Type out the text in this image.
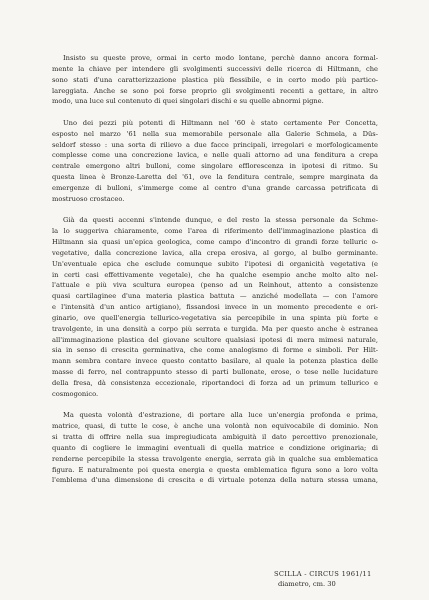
Insisto su queste prove, ormai in certo modo lontane, perchè danno ancora formal-
mente la chiave per intendere gli svolgimenti successivi delle ricerca di Hiltmann, che
sono stati d'una caratterizzazione plastica più flessibile, e in certo modo più partico-
lareggiata. Anche se sono poi forse proprio gli svolgimenti recenti a gettare, in altro
modo, una luce sul contenuto di quei singolari dischi e su quelle abnormi pigne.
Uno dei pezzi più potenti di Hiltmann nel '60 è stato certamente Per Concetta,
esposto nel marzo '61 nella sua memorabile personale alla Galerie Schmela, a Düs-
seldorf stesso : una sorta di rilievo a due facce principali, irregolari e morfologicamente
complesse come una concrezione lavica, e nelle quali attorno ad una fenditura a crepa
centrale emergono altri bulloni, come singolare efflorescenza in ipotesi di ritmo. Su
questa linea è Bronze-Laretta del '61, ove la fenditura centrale, sempre marginata da
emergenze di bulloni, s'immerge come al centro d'una grande carcassa petrificata di
mostruoso crostaceo.
Già da questi accenni s'intende dunque, e del resto la stessa personale da Schme-
la lo suggeriva chiaramente, come l'area di riferimento dell'immaginazione plastica di
Hiltmann sia quasi un'epica geologica, come campo d'incontro di grandi forze telluric o-
vegetative, dalla concrezione lavica, alla crepa erosiva, al gorgo, al bulbo germinante.
Un'eventuale epica che esclude comunque subito l'ipotesi di organicità vegetativa (e
in certi casi effettivamente vegetale), che ha qualche esempio anche molto alto nel-
l'attuale e più viva scultura europea (penso ad un Reinhout, attento a consistenze
quasi cartilaginee d'una materia plastica battuta — anziché modellata — con l'amore
e l'intensità d'un antico artigiano), fissandosi invece in un momento precedente e ori-
ginario, ove quell'energia tellurico-vegetativa sia percepibile in una spinta più forte e
travolgente, in una densità a corpo più serrata e turgida. Ma per questo anche è estranea
all'immaginazione plastica del giovane scultore qualsiasi ipotesi di mera mimesi naturale,
sia in senso di crescita germinativa, che come analogismo di forme e simboli. Per Hilt-
mann sembra contare invece questo contatto basilare, al quale la potenza plastica delle
masse di ferro, nel contrappunto stesso di parti bullonate, erose, o tese nelle lucidature
della fresa, dà consistenza eccezionale, riportandoci di forza ad un primum tellurico e
cosmogonico.
Ma questa volontà d'estrazione, di portare alla luce un'energia profonda e prima,
matrice, quasi, di tutte le cose, è anche una volontà non equivocabile di dominio. Non
si tratta di offrire nella sua impregiudicata ambiguità il dato percettivo prenozionale,
quanto di cogliere le immagini eventuali di quella matrice e condizione originaria; di
renderne percepibile la stessa travolgente energia, serrata già in qualche sua emblematica
figura. E naturalmente poi questa energia e questa emblematica figura sono a loro volta
l'emblema d'una dimensione di crescita e di virtuale potenza della natura stessa umana,
SCILLA - CIRCUS 1961/11
diametro, cm. 30
